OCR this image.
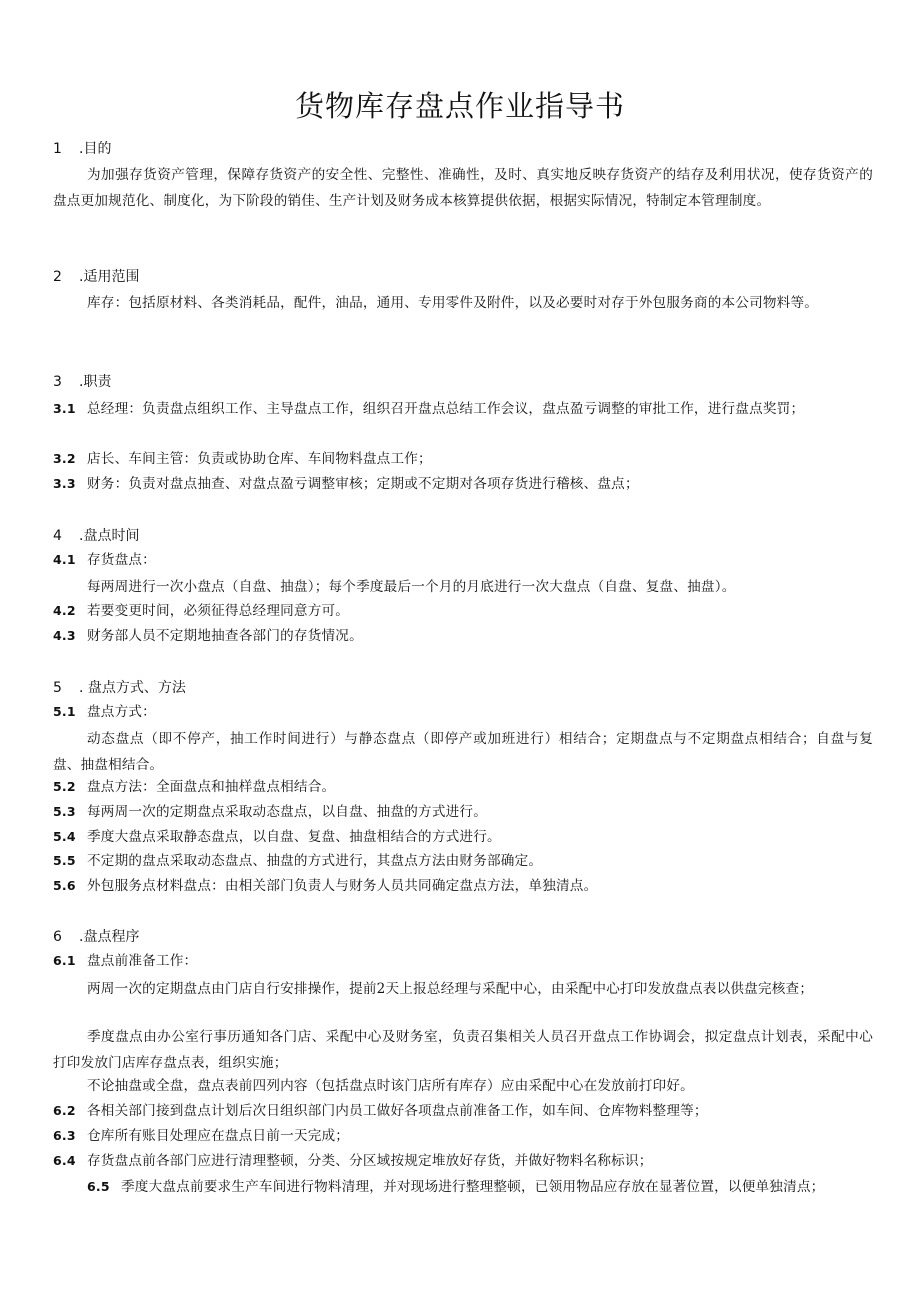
货物库存盘点作业指导书
1 .目的
为加强存货资产管理，保障存货资产的安全性、完整性、准确性，及时、真实地反映存货资产的结存及利用状况，使存货资产的盘点更加规范化、制度化，为下阶段的销佳、生产计划及财务成本核算提供依据，根据实际情况，特制定本管理制度。
2 .适用范围
库存：包括原材料、各类消耗品，配件，油品，通用、专用零件及附件，以及必要时对存于外包服务商的本公司物料等。
3 .职责
3.1 总经理：负责盘点组织工作、主导盘点工作，组织召开盘点总结工作会议，盘点盈亏调整的审批工作，进行盘点奖罚；
3.2 店长、车间主管：负责或协助仓库、车间物料盘点工作；
3.3 财务：负责对盘点抽查、对盘点盈亏调整审核；定期或不定期对各项存货进行稽核、盘点；
4 .盘点时间
4.1 存货盘点：
每两周进行一次小盘点（自盘、抽盘）；每个季度最后一个月的月底进行一次大盘点（自盘、复盘、抽盘）。
4.2 若要变更时间，必须征得总经理同意方可。
4.3 财务部人员不定期地抽查各部门的存货情况。
5 . 盘点方式、方法
5.1 盘点方式：
动态盘点（即不停产，抽工作时间进行）与静态盘点（即停产或加班进行）相结合；定期盘点与不定期盘点相结合；自盘与复盘、抽盘相结合。
5.2 盘点方法：全面盘点和抽样盘点相结合。
5.3 每两周一次的定期盘点采取动态盘点，以自盘、抽盘的方式进行。
5.4 季度大盘点采取静态盘点，以自盘、复盘、抽盘相结合的方式进行。
5.5 不定期的盘点采取动态盘点、抽盘的方式进行，其盘点方法由财务部确定。
5.6 外包服务点材料盘点：由相关部门负责人与财务人员共同确定盘点方法，单独清点。
6 .盘点程序
6.1 盘点前准备工作：
两周一次的定期盘点由门店自行安排操作，提前2天上报总经理与采配中心，由采配中心打印发放盘点表以供盘完核查；
季度盘点由办公室行事历通知各门店、采配中心及财务室，负责召集相关人员召开盘点工作协调会，拟定盘点计划表，采配中心打印发放门店库存盘点表，组织实施；
不论抽盘或全盘，盘点表前四列内容（包括盘点时该门店所有库存）应由采配中心在发放前打印好。
6.2 各相关部门接到盘点计划后次日组织部门内员工做好各项盘点前准备工作，如车间、仓库物料整理等；
6.3 仓库所有账目处理应在盘点日前一天完成；
6.4 存货盘点前各部门应进行清理整顿，分类、分区域按规定堆放好存货，并做好物料名称标识；
6.5 季度大盘点前要求生产车间进行物料清理，并对现场进行整理整顿，已领用物品应存放在显著位置，以便单独清点；
